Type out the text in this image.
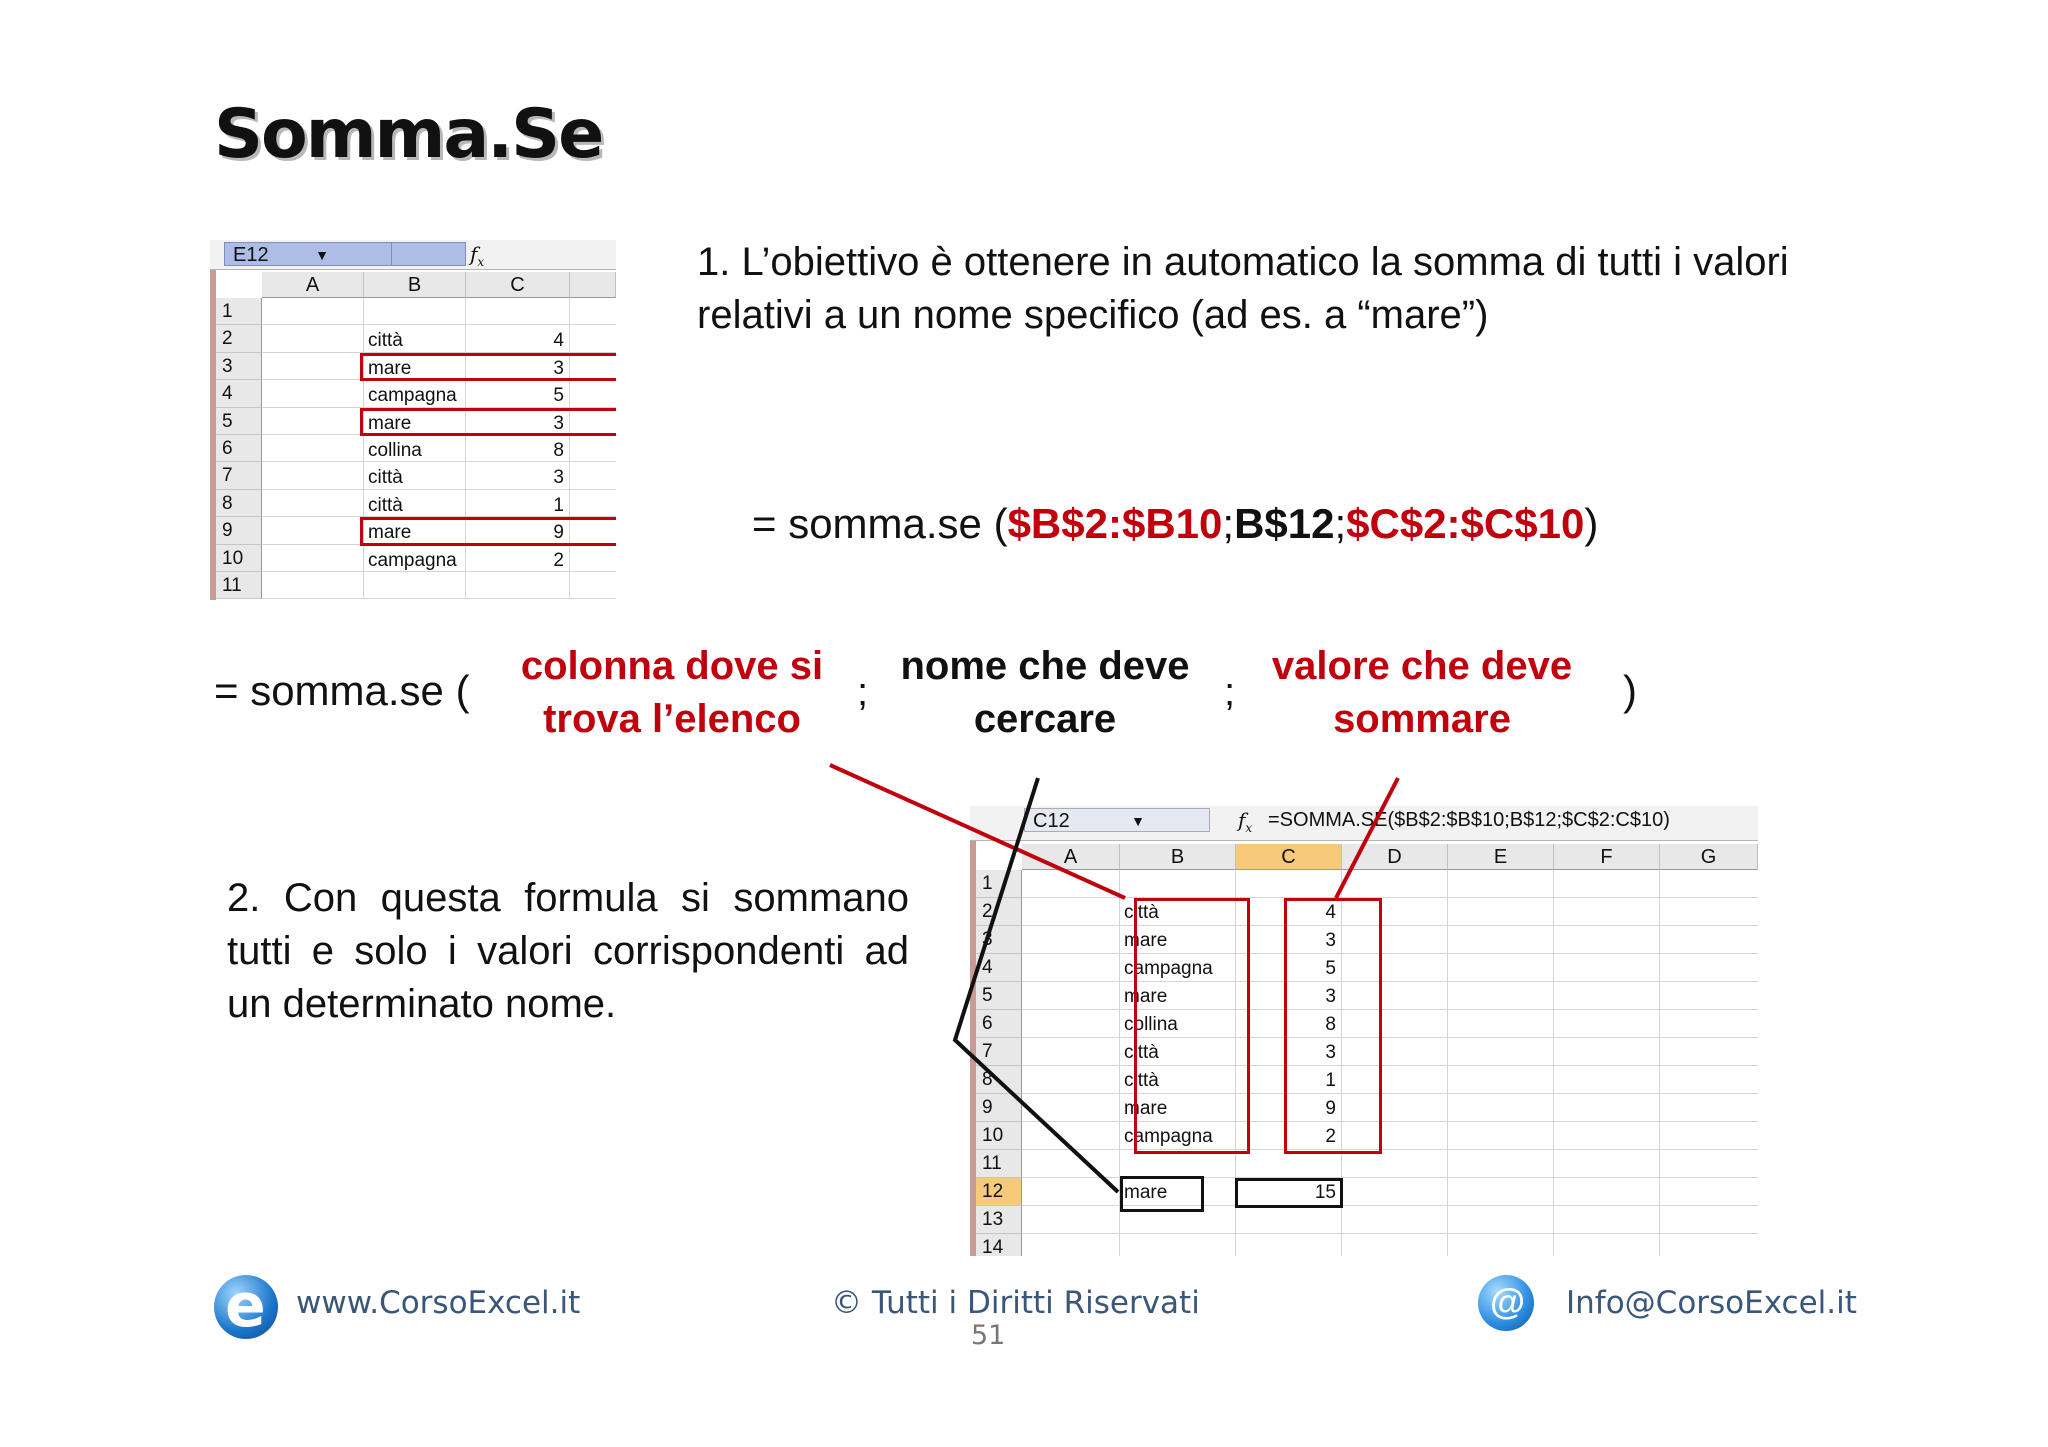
Somma.Se
1. L’obiettivo è ottenere in automatico la somma di tutti i valori relativi a un nome specifico (ad es. a “mare”)
E12	▼	$f_x$
A	B	C
1
2	città	4
3	mare	3
4	campagna	5
5	mare	3
6	collina	8
7	città	3
8	città	1
9	mare	9
10	campagna	2
11
= somma.se ($B$2:$B10;B$12;$C$2:$C$10)
= somma.se (
colonna dove si
trova l’elenco
;
nome che deve
cercare
;
valore che deve
sommare
)
2. Con questa formula si sommano tutti e solo i valori corrispondenti ad un determinato nome.
C12	▼	$f_x$ =SOMMA.SE($B$2:$B$10;B$12;$C$2:C$10)
A	B	C	D	E	F	G
1
2	città	4
3	mare	3
4	campagna	5
5	mare	3
6	collina	8
7	città	3
8	città	1
9	mare	9
10	campagna	2
11
12	mare	15
13
14
e www.CorsoExcel.it	© Tutti i Diritti Riservati
51
@ Info@CorsoExcel.it
